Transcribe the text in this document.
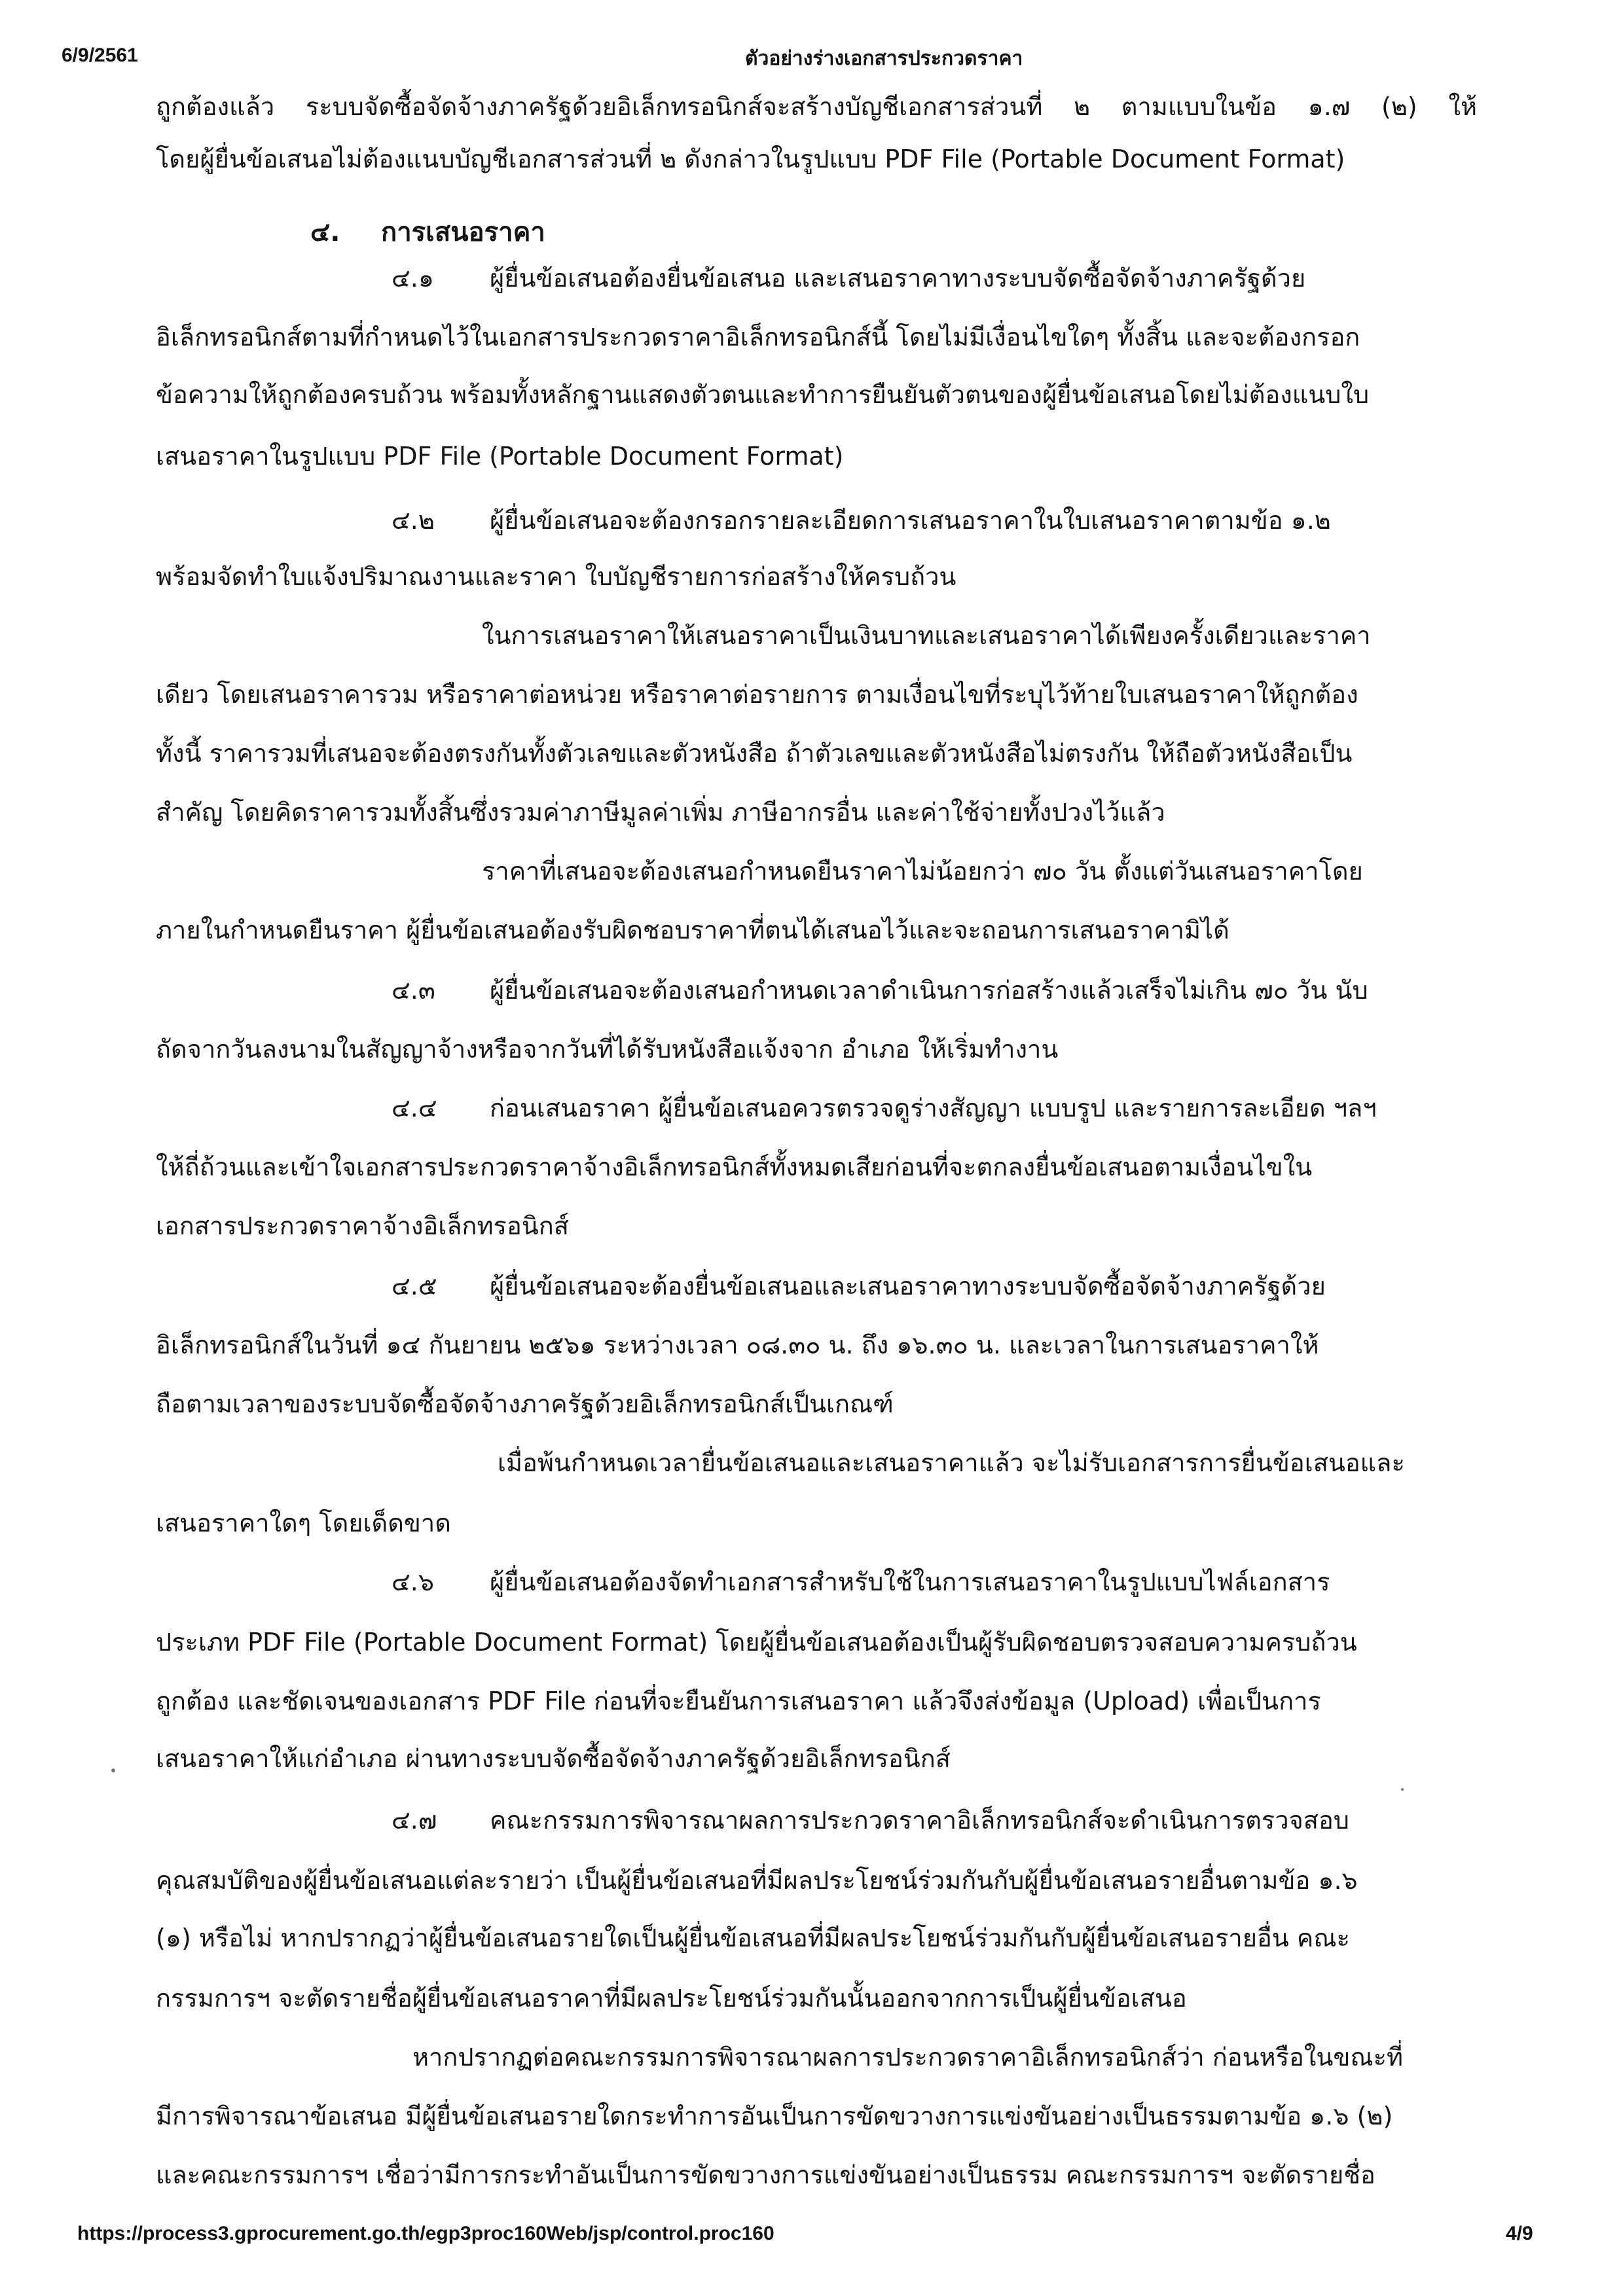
6/9/2561	ตัวอย่างร่างเอกสารประกวดราคา
ถูกต้องแล้ว ระบบจัดซื้อจัดจ้างภาครัฐด้วยอิเล็กทรอนิกส์จะสร้างบัญชีเอกสารส่วนที่ ๒ ตามแบบในข้อ ๑.๗ (๒) ให้
โดยผู้ยื่นข้อเสนอไม่ต้องแนบบัญชีเอกสารส่วนที่ ๒ ดังกล่าวในรูปแบบ PDF File (Portable Document Format)
๔. การเสนอราคา
๔.๑ ผู้ยื่นข้อเสนอต้องยื่นข้อเสนอ และเสนอราคาทางระบบจัดซื้อจัดจ้างภาครัฐด้วย
อิเล็กทรอนิกส์ตามที่กำหนดไว้ในเอกสารประกวดราคาอิเล็กทรอนิกส์นี้ โดยไม่มีเงื่อนไขใดๆ ทั้งสิ้น และจะต้องกรอก
ข้อความให้ถูกต้องครบถ้วน พร้อมทั้งหลักฐานแสดงตัวตนและทำการยืนยันตัวตนของผู้ยื่นข้อเสนอโดยไม่ต้องแนบใบ
เสนอราคาในรูปแบบ PDF File (Portable Document Format)
๔.๒ ผู้ยื่นข้อเสนอจะต้องกรอกรายละเอียดการเสนอราคาในใบเสนอราคาตามข้อ ๑.๒
พร้อมจัดทำใบแจ้งปริมาณงานและราคา ใบบัญชีรายการก่อสร้างให้ครบถ้วน
ในการเสนอราคาให้เสนอราคาเป็นเงินบาทและเสนอราคาได้เพียงครั้งเดียวและราคา
เดียว โดยเสนอราคารวม หรือราคาต่อหน่วย หรือราคาต่อรายการ ตามเงื่อนไขที่ระบุไว้ท้ายใบเสนอราคาให้ถูกต้อง
ทั้งนี้ ราคารวมที่เสนอจะต้องตรงกันทั้งตัวเลขและตัวหนังสือ ถ้าตัวเลขและตัวหนังสือไม่ตรงกัน ให้ถือตัวหนังสือเป็น
สำคัญ โดยคิดราคารวมทั้งสิ้นซึ่งรวมค่าภาษีมูลค่าเพิ่ม ภาษีอากรอื่น และค่าใช้จ่ายทั้งปวงไว้แล้ว
ราคาที่เสนอจะต้องเสนอกำหนดยืนราคาไม่น้อยกว่า ๗๐ วัน ตั้งแต่วันเสนอราคาโดย
ภายในกำหนดยืนราคา ผู้ยื่นข้อเสนอต้องรับผิดชอบราคาที่ตนได้เสนอไว้และจะถอนการเสนอราคามิได้
๔.๓ ผู้ยื่นข้อเสนอจะต้องเสนอกำหนดเวลาดำเนินการก่อสร้างแล้วเสร็จไม่เกิน ๗๐ วัน นับ
ถัดจากวันลงนามในสัญญาจ้างหรือจากวันที่ได้รับหนังสือแจ้งจาก อำเภอ ให้เริ่มทำงาน
๔.๔ ก่อนเสนอราคา ผู้ยื่นข้อเสนอควรตรวจดูร่างสัญญา แบบรูป และรายการละเอียด ฯลฯ
ให้ถี่ถ้วนและเข้าใจเอกสารประกวดราคาจ้างอิเล็กทรอนิกส์ทั้งหมดเสียก่อนที่จะตกลงยื่นข้อเสนอตามเงื่อนไขใน
เอกสารประกวดราคาจ้างอิเล็กทรอนิกส์
๔.๕ ผู้ยื่นข้อเสนอจะต้องยื่นข้อเสนอและเสนอราคาทางระบบจัดซื้อจัดจ้างภาครัฐด้วย
อิเล็กทรอนิกส์ในวันที่ ๑๔ กันยายน ๒๕๖๑ ระหว่างเวลา ๐๘.๓๐ น. ถึง ๑๖.๓๐ น. และเวลาในการเสนอราคาให้
ถือตามเวลาของระบบจัดซื้อจัดจ้างภาครัฐด้วยอิเล็กทรอนิกส์เป็นเกณฑ์
เมื่อพ้นกำหนดเวลายื่นข้อเสนอและเสนอราคาแล้ว จะไม่รับเอกสารการยื่นข้อเสนอและ
เสนอราคาใดๆ โดยเด็ดขาด
๔.๖ ผู้ยื่นข้อเสนอต้องจัดทำเอกสารสำหรับใช้ในการเสนอราคาในรูปแบบไฟล์เอกสาร
ประเภท PDF File (Portable Document Format) โดยผู้ยื่นข้อเสนอต้องเป็นผู้รับผิดชอบตรวจสอบความครบถ้วน
ถูกต้อง และชัดเจนของเอกสาร PDF File ก่อนที่จะยืนยันการเสนอราคา แล้วจึงส่งข้อมูล (Upload) เพื่อเป็นการ
เสนอราคาให้แก่อำเภอ ผ่านทางระบบจัดซื้อจัดจ้างภาครัฐด้วยอิเล็กทรอนิกส์
๔.๗ คณะกรรมการพิจารณาผลการประกวดราคาอิเล็กทรอนิกส์จะดำเนินการตรวจสอบ
คุณสมบัติของผู้ยื่นข้อเสนอแต่ละรายว่า เป็นผู้ยื่นข้อเสนอที่มีผลประโยชน์ร่วมกันกับผู้ยื่นข้อเสนอรายอื่นตามข้อ ๑.๖
(๑) หรือไม่ หากปรากฏว่าผู้ยื่นข้อเสนอรายใดเป็นผู้ยื่นข้อเสนอที่มีผลประโยชน์ร่วมกันกับผู้ยื่นข้อเสนอรายอื่น คณะ
กรรมการฯ จะตัดรายชื่อผู้ยื่นข้อเสนอราคาที่มีผลประโยชน์ร่วมกันนั้นออกจากการเป็นผู้ยื่นข้อเสนอ
หากปรากฏต่อคณะกรรมการพิจารณาผลการประกวดราคาอิเล็กทรอนิกส์ว่า ก่อนหรือในขณะที่
มีการพิจารณาข้อเสนอ มีผู้ยื่นข้อเสนอรายใดกระทำการอันเป็นการขัดขวางการแข่งขันอย่างเป็นธรรมตามข้อ ๑.๖ (๒)
และคณะกรรมการฯ เชื่อว่ามีการกระทำอันเป็นการขัดขวางการแข่งขันอย่างเป็นธรรม คณะกรรมการฯ จะตัดรายชื่อ
https://process3.gprocurement.go.th/egp3proc160Web/jsp/control.proc160	4/9
